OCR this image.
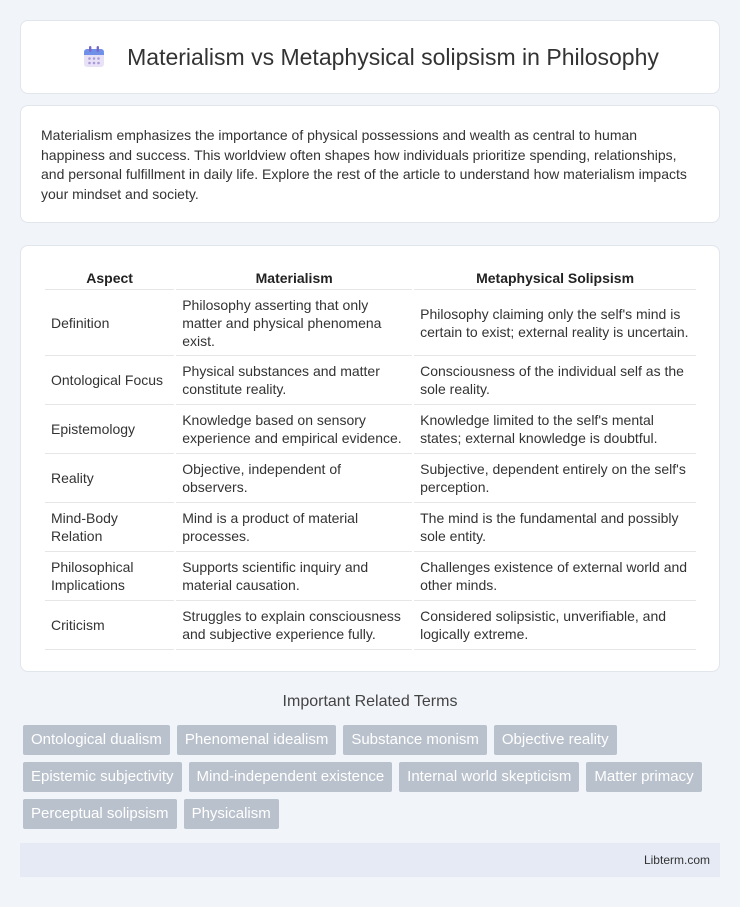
Materialism vs Metaphysical solipsism in Philosophy

Materialism emphasizes the importance of physical possessions and wealth as central to human happiness and success. This worldview often shapes how individuals prioritize spending, relationships, and personal fulfillment in daily life. Explore the rest of the article to understand how materialism impacts your mindset and society.

Aspect	Materialism	Metaphysical Solipsism
Definition	Philosophy asserting that only matter and physical phenomena exist.	Philosophy claiming only the self's mind is certain to exist; external reality is uncertain.
Ontological Focus	Physical substances and matter constitute reality.	Consciousness of the individual self as the sole reality.
Epistemology	Knowledge based on sensory experience and empirical evidence.	Knowledge limited to the self's mental states; external knowledge is doubtful.
Reality	Objective, independent of observers.	Subjective, dependent entirely on the self's perception.
Mind-Body Relation	Mind is a product of material processes.	The mind is the fundamental and possibly sole entity.
Philosophical Implications	Supports scientific inquiry and material causation.	Challenges existence of external world and other minds.
Criticism	Struggles to explain consciousness and subjective experience fully.	Considered solipsistic, unverifiable, and logically extreme.
Important Related Terms
Ontological dualism	Phenomenal idealism	Substance monism	Objective reality
Epistemic subjectivity	Mind-independent existence	Internal world skepticism	Matter primacy
Perceptual solipsism	Physicalism
Libterm.com
